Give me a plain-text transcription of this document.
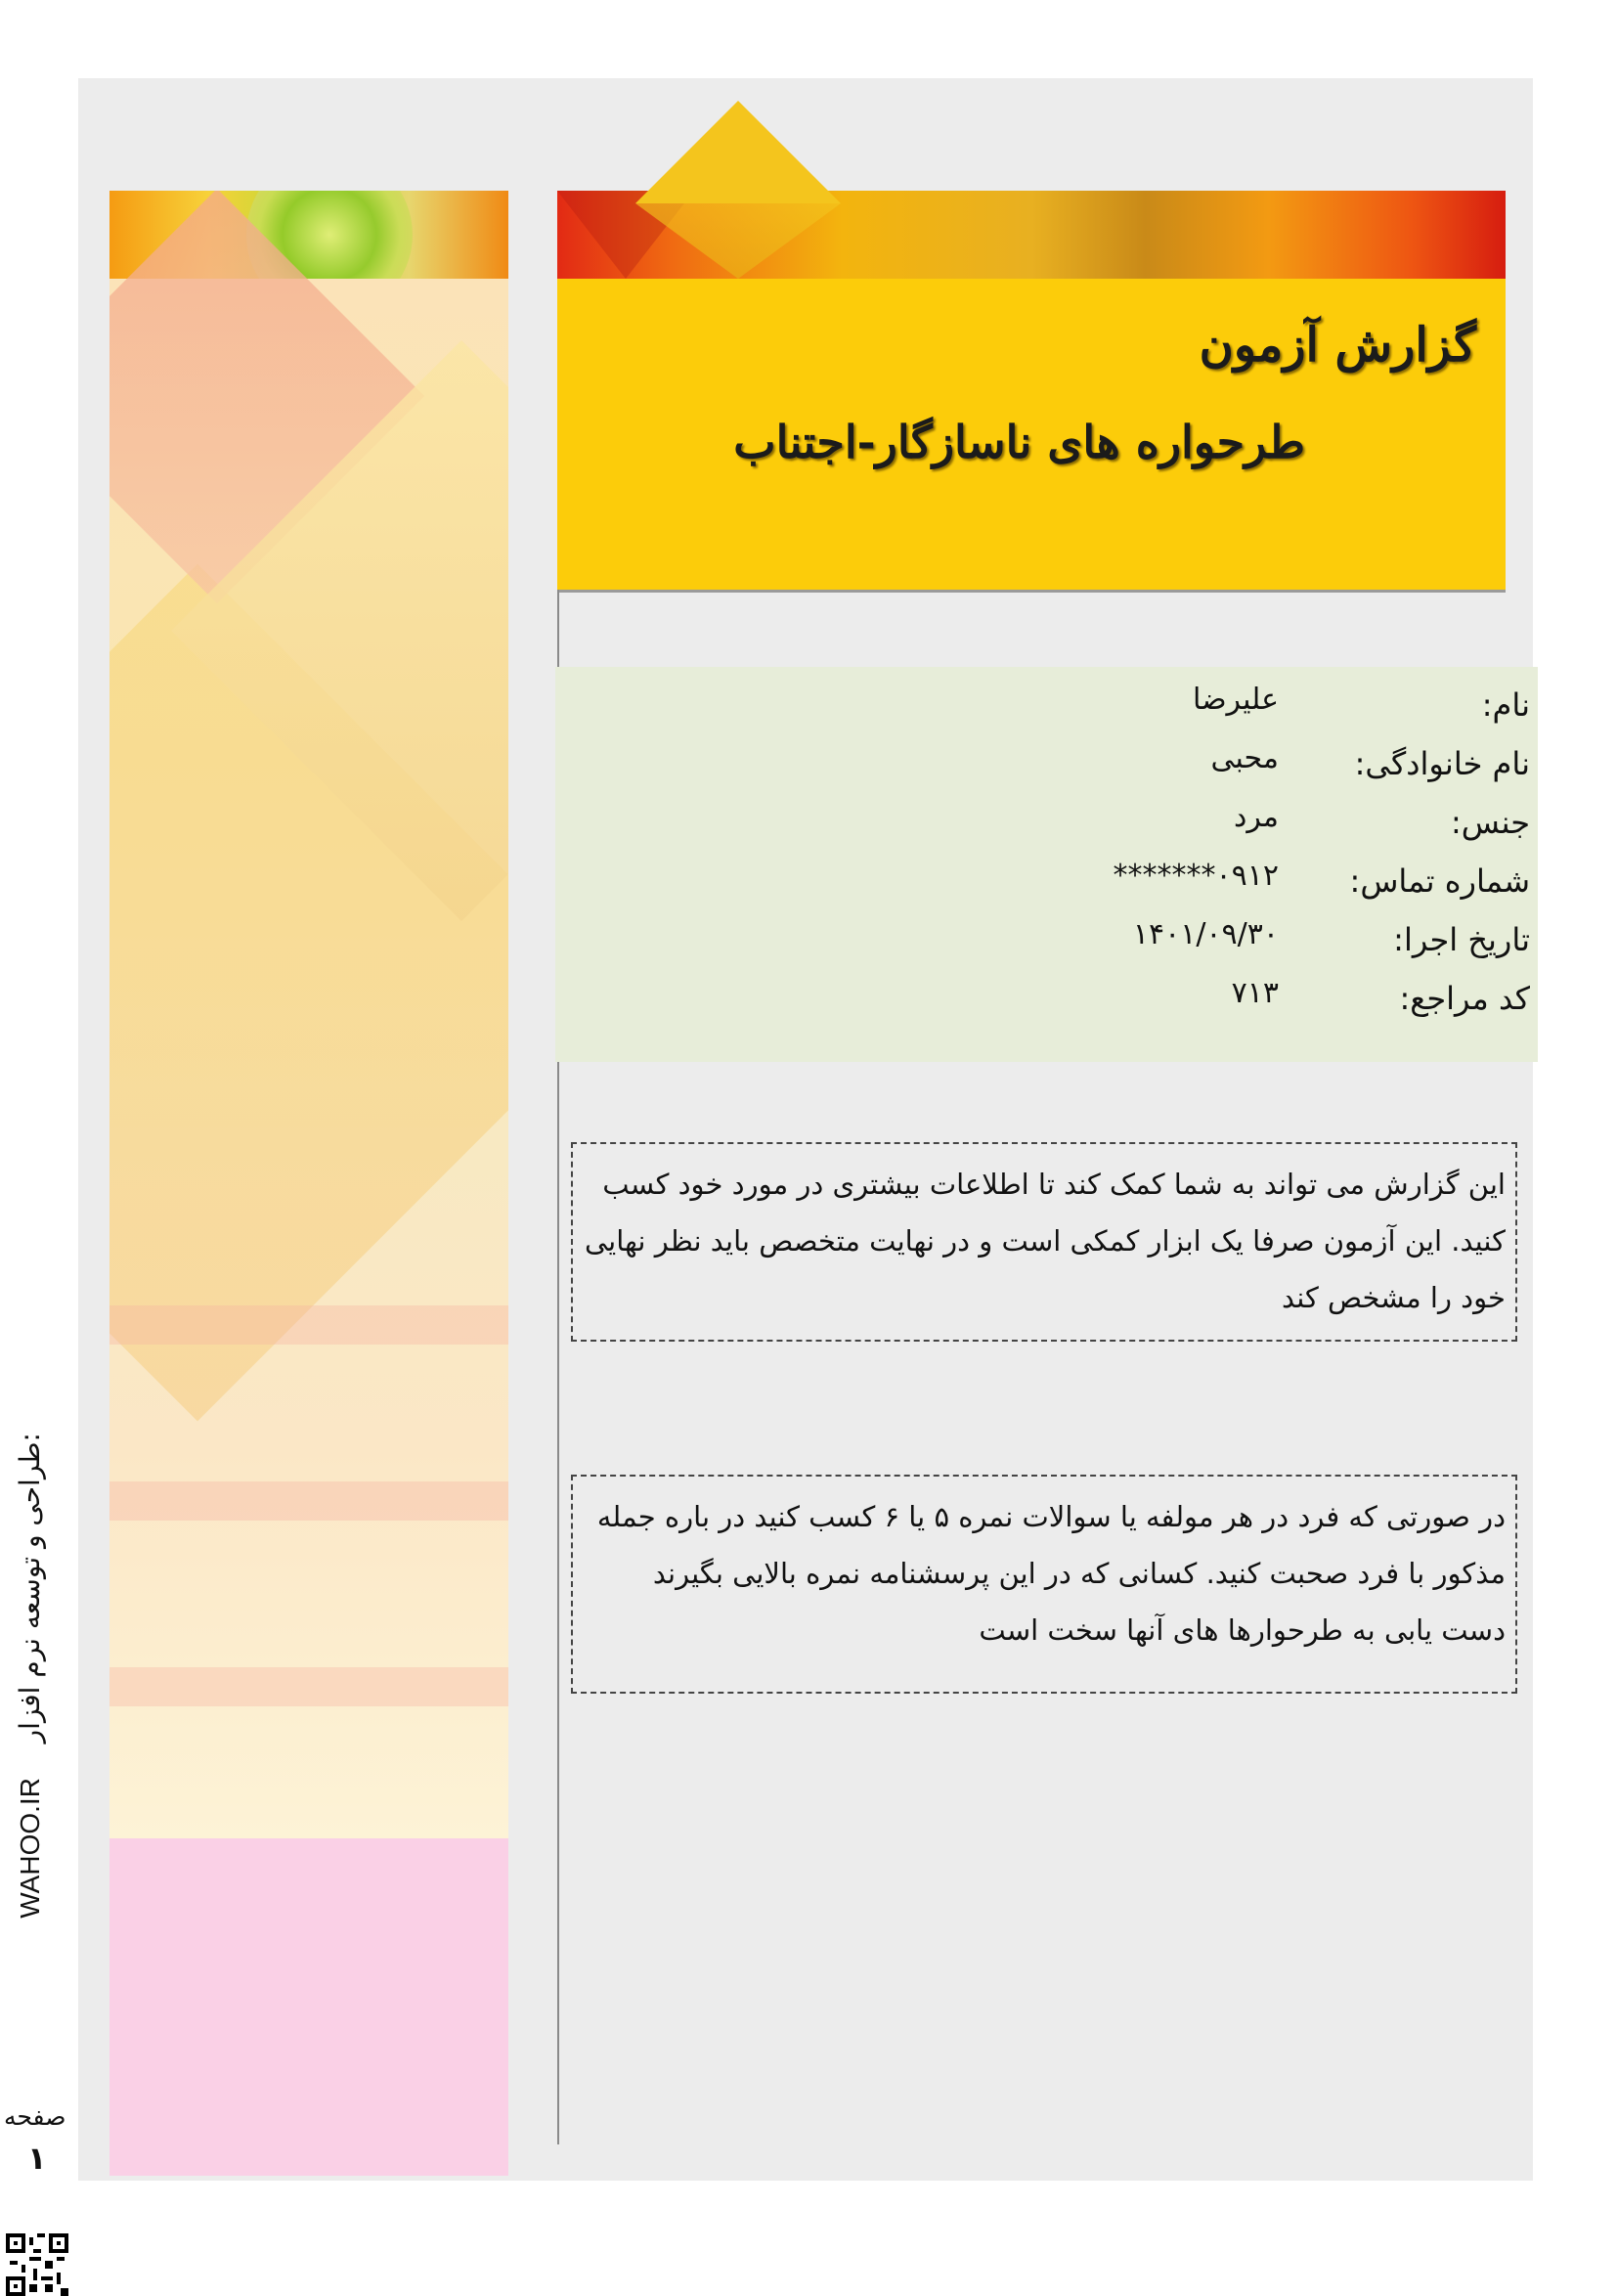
گزارش آزمون
طرحواره های ناسازگار-اجتناب
نام:
علیرضا
نام خانوادگی:
محبی
جنس:
مرد
شماره تماس:
۰۹۱۲*******
تاریخ اجرا:
۱۴۰۱/۰۹/۳۰
کد مراجع:
۷۱۳
این گزارش می تواند به شما کمک کند تا اطلاعات بیشتری در مورد خود کسب کنید. این آزمون صرفا یک ابزار کمکی است و در نهایت متخصص باید نظر نهایی خود را مشخص کند
در صورتی که فرد در هر مولفه یا سوالات نمره ۵ یا ۶ کسب کنید در باره جمله مذکور با فرد صحبت کنید. کسانی که در این پرسشنامه نمره بالایی بگیرند دست یابی به طرحوارها های آنها سخت است
WAHOO.IR    طراحی و توسعه نرم افزار:
صفحه
۱
